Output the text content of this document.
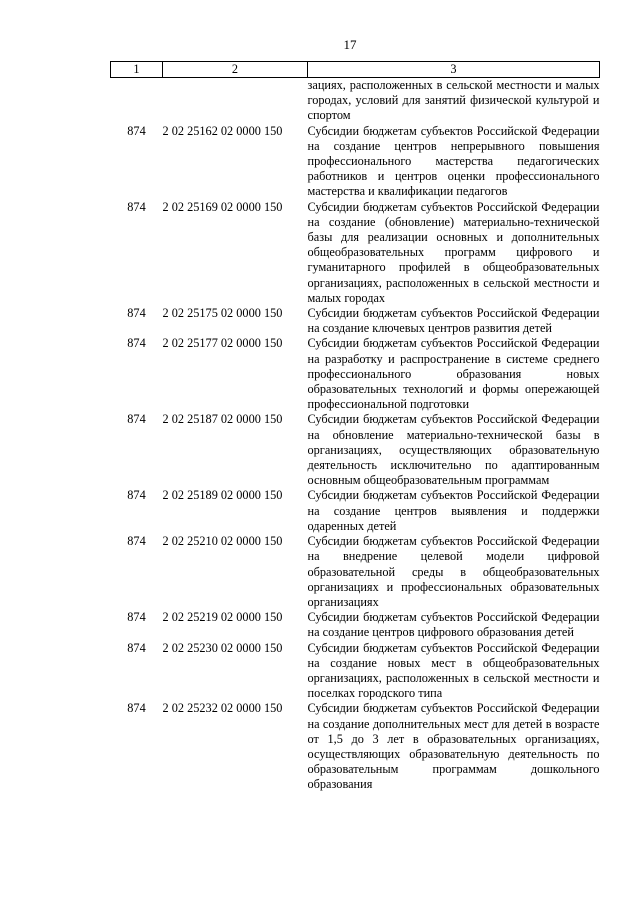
17
1	2	3
		зациях, расположенных в сельской местности и малых городах, условий для занятий физической культурой и спортом
874	2 02 25162 02 0000 150	Субсидии бюджетам субъектов Российской Федерации на создание центров непрерывного повышения профессионального мастерства педагогических работников и центров оценки профессионального мастерства и квалификации педагогов
874	2 02 25169 02 0000 150	Субсидии бюджетам субъектов Российской Федерации на создание (обновление) материально-технической базы для реализации основных и дополнительных общеобразовательных программ цифрового и гуманитарного профилей в общеобразовательных организациях, расположенных в сельской местности и малых городах
874	2 02 25175 02 0000 150	Субсидии бюджетам субъектов Российской Федерации на создание ключевых центров развития детей
874	2 02 25177 02 0000 150	Субсидии бюджетам субъектов Российской Федерации на разработку и распространение в системе среднего профессионального образования новых образовательных технологий и формы опережающей профессиональной подготовки
874	2 02 25187 02 0000 150	Субсидии бюджетам субъектов Российской Федерации на обновление материально-технической базы в организациях, осуществляющих образовательную деятельность исключительно по адаптированным основным общеобразовательным программам
874	2 02 25189 02 0000 150	Субсидии бюджетам субъектов Российской Федерации на создание центров выявления и поддержки одаренных детей
874	2 02 25210 02 0000 150	Субсидии бюджетам субъектов Российской Федерации на внедрение целевой модели цифровой образовательной среды в общеобразовательных организациях и профессиональных образовательных организациях
874	2 02 25219 02 0000 150	Субсидии бюджетам субъектов Российской Федерации на создание центров цифрового образования детей
874	2 02 25230 02 0000 150	Субсидии бюджетам субъектов Российской Федерации на создание новых мест в общеобразовательных организациях, расположенных в сельской местности и поселках городского типа
874	2 02 25232 02 0000 150	Субсидии бюджетам субъектов Российской Федерации на создание дополнительных мест для детей в возрасте от 1,5 до 3 лет в образовательных организациях, осуществляющих образовательную деятельность по образовательным программам дошкольного образования
